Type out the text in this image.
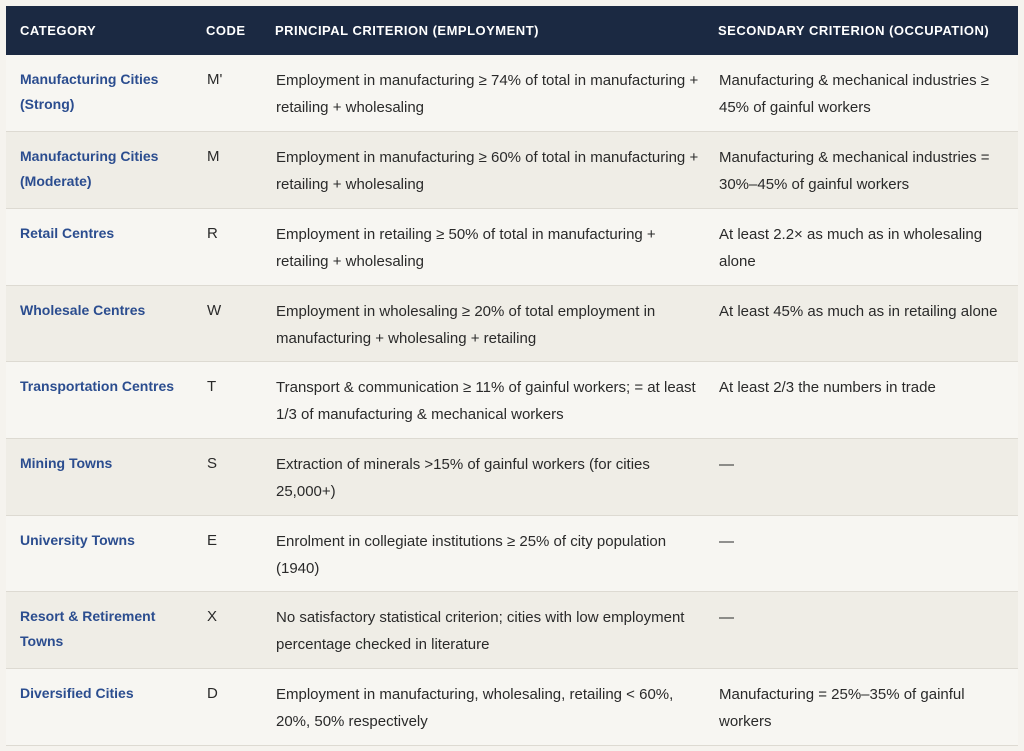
CATEGORY	CODE	PRINCIPAL CRITERION (EMPLOYMENT)	SECONDARY CRITERION (OCCUPATION)
Manufacturing Cities (Strong)	M'	Employment in manufacturing ≥ 74% of total in manufacturing + retailing + wholesaling	Manufacturing & mechanical industries ≥ 45% of gainful workers
Manufacturing Cities (Moderate)	M	Employment in manufacturing ≥ 60% of total in manufacturing + retailing + wholesaling	Manufacturing & mechanical industries = 30%–45% of gainful workers
Retail Centres	R	Employment in retailing ≥ 50% of total in manufacturing + retailing + wholesaling	At least 2.2× as much as in wholesaling alone
Wholesale Centres	W	Employment in wholesaling ≥ 20% of total employment in manufacturing + wholesaling + retailing	At least 45% as much as in retailing alone
Transportation Centres	T	Transport & communication ≥ 11% of gainful workers; = at least 1/3 of manufacturing & mechanical workers	At least 2/3 the numbers in trade
Mining Towns	S	Extraction of minerals >15% of gainful workers (for cities 25,000+)	—
University Towns	E	Enrolment in collegiate institutions ≥ 25% of city population (1940)	—
Resort & Retirement Towns	X	No satisfactory statistical criterion; cities with low employment percentage checked in literature	—
Diversified Cities	D	Employment in manufacturing, wholesaling, retailing < 60%, 20%, 50% respectively	Manufacturing = 25%–35% of gainful workers
